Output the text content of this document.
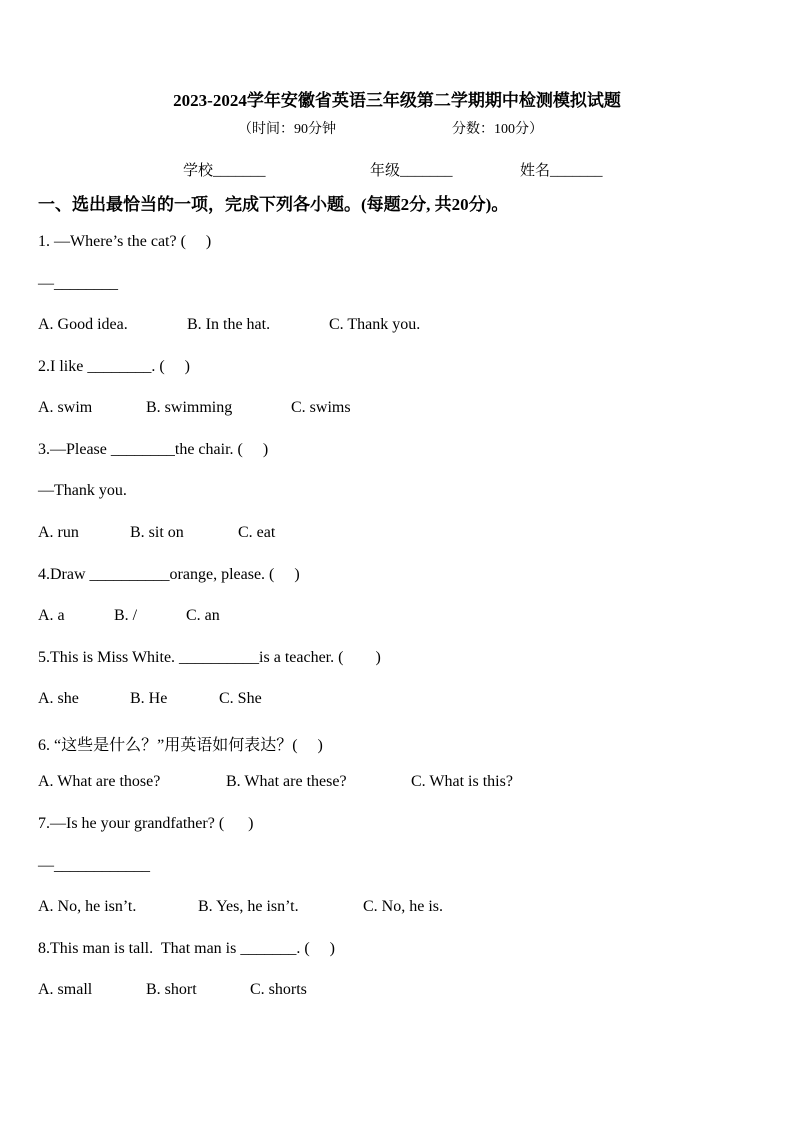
2023-2024学年安徽省英语三年级第二学期期中检测模拟试题
（时间：90分钟	分数：100分）
学校_______	年级_______	姓名_______
一、选出最恰当的一项，完成下列各小题。(每题2分, 共20分)。
1. —Where’s the cat? (     )
—________
A. Good idea.	B. In the hat.	C. Thank you.
2.I like ________. (     )
A. swim	B. swimming	C. swims
3.—Please ________the chair. (     )
—Thank you.
A. run	B. sit on	C. eat
4.Draw __________orange, please. (     )
A. a	B. /	C. an
5.This is Miss White. __________is a teacher. (        )
A. she	B. He	C. She
6. “这些是什么？”用英语如何表达？(     )
A. What are those?	B. What are these?	C. What is this?
7.—Is he your grandfather? (      )
—____________
A. No, he isn’t.	B. Yes, he isn’t.	C. No, he is.
8.This man is tall.  That man is _______. (     )
A. small	B. short	C. shorts
